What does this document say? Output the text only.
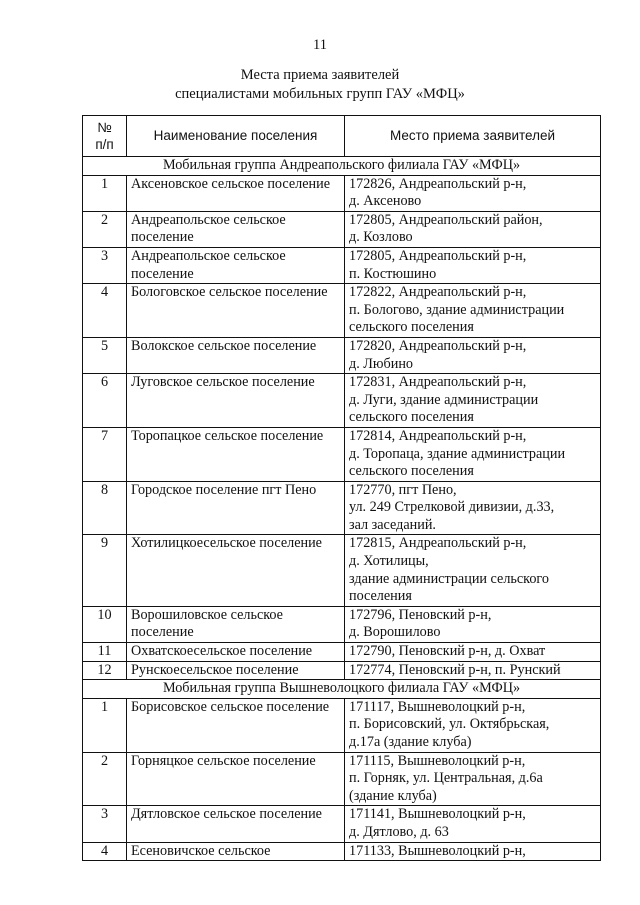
11
Места приема заявителей
специалистами мобильных групп ГАУ «МФЦ»
№
п/п	Наименование поселения	Место приема заявителей
Мобильная группа Андреапольского филиала ГАУ «МФЦ»		
1	Аксеновское сельское поселение	172826, Андреапольский р-н,
д. Аксеново

2	Андреапольское сельское поселение	172805, Андреапольский район,
д. Козлово

3	Андреапольское сельское поселение	172805, Андреапольский р-н,
п. Костюшино

4	Бологовское сельское поселение	172822, Андреапольский р-н,
п. Бологово, здание администрации
сельского поселения

5	Волокское сельское поселение	172820, Андреапольский р-н,
д. Любино

6	Луговское сельское поселение	172831, Андреапольский р-н,
д. Луги, здание администрации
сельского поселения

7	Торопацкое сельское поселение	172814, Андреапольский р-н,
д. Торопаца, здание администрации
сельского поселения

8	Городское поселение пгт Пено	172770, пгт Пено,
ул. 249 Стрелковой дивизии, д.33,
зал заседаний.

9	Хотилицкоесельское поселение	172815, Андреапольский р-н,
д. Хотилицы,
здание администрации сельского
поселения

10	Ворошиловское сельское поселение	172796, Пеновский р-н,
д. Ворошилово

11	Охватскоесельское поселение	172790, Пеновский р-н, д. Охват

12	Рунскоесельское поселение	172774, Пеновский р-н, п. Рунский

Мобильная группа Вышневолоцкого филиала ГАУ «МФЦ»		
1	Борисовское сельское поселение	171117, Вышневолоцкий р-н,
п. Борисовский, ул. Октябрьская,
д.17а (здание клуба)

2	Горняцкое сельское поселение	171115, Вышневолоцкий р-н,
п. Горняк, ул. Центральная, д.6а
(здание клуба)

3	Дятловское сельское поселение	171141, Вышневолоцкий р-н,
д. Дятлово, д. 63

4	Есеновичское сельское	171133, Вышневолоцкий р-н,
